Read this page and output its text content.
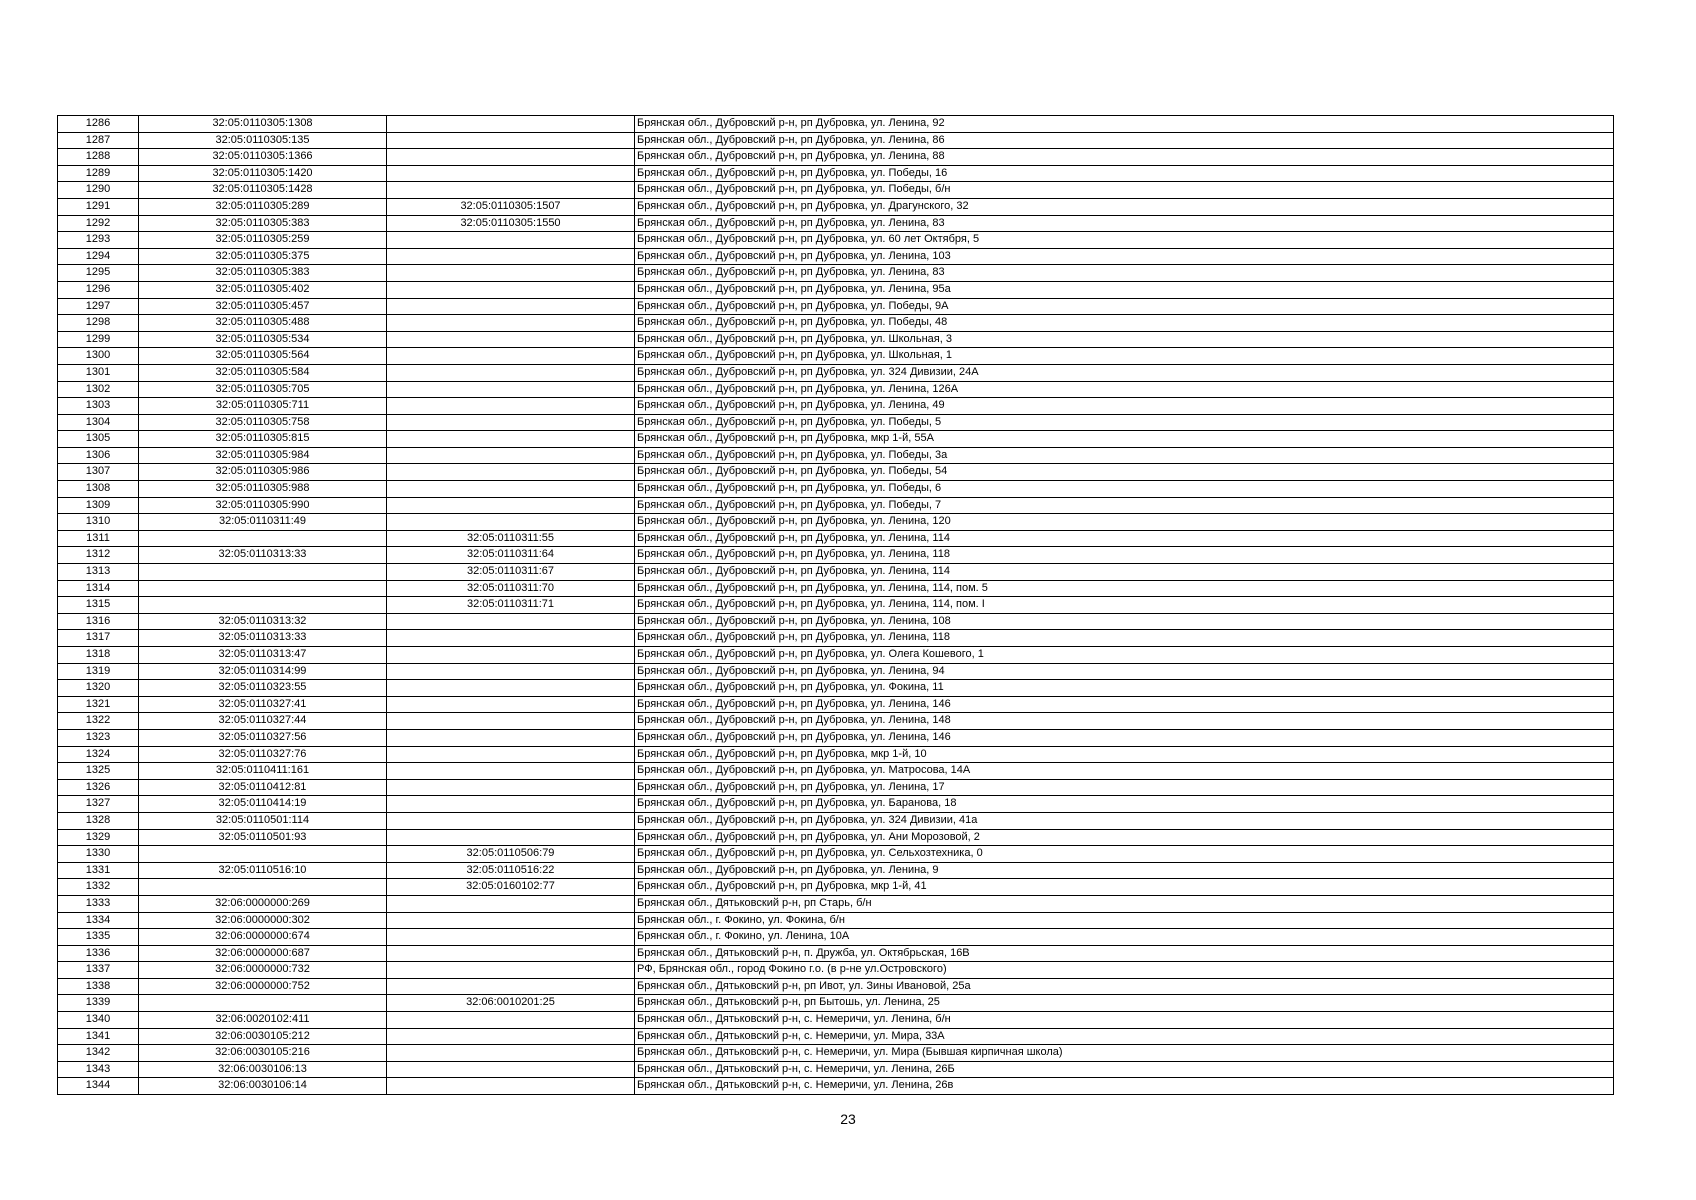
1286	32:05:0110305:1308		Брянская обл., Дубровский р-н, рп Дубровка, ул. Ленина, 92
1287	32:05:0110305:135		Брянская обл., Дубровский р-н, рп Дубровка, ул. Ленина, 86
1288	32:05:0110305:1366		Брянская обл., Дубровский р-н, рп Дубровка, ул. Ленина, 88
1289	32:05:0110305:1420		Брянская обл., Дубровский р-н, рп Дубровка, ул. Победы, 16
1290	32:05:0110305:1428		Брянская обл., Дубровский р-н, рп Дубровка, ул. Победы, б/н
1291	32:05:0110305:289	32:05:0110305:1507	Брянская обл., Дубровский р-н, рп Дубровка, ул. Драгунского, 32
1292	32:05:0110305:383	32:05:0110305:1550	Брянская обл., Дубровский р-н, рп Дубровка, ул. Ленина, 83
1293	32:05:0110305:259		Брянская обл., Дубровский р-н, рп Дубровка, ул. 60 лет Октября, 5
1294	32:05:0110305:375		Брянская обл., Дубровский р-н, рп Дубровка, ул. Ленина, 103
1295	32:05:0110305:383		Брянская обл., Дубровский р-н, рп Дубровка, ул. Ленина, 83
1296	32:05:0110305:402		Брянская обл., Дубровский р-н, рп Дубровка, ул. Ленина, 95а
1297	32:05:0110305:457		Брянская обл., Дубровский р-н, рп Дубровка, ул. Победы, 9А
1298	32:05:0110305:488		Брянская обл., Дубровский р-н, рп Дубровка, ул. Победы, 48
1299	32:05:0110305:534		Брянская обл., Дубровский р-н, рп Дубровка, ул. Школьная, 3
1300	32:05:0110305:564		Брянская обл., Дубровский р-н, рп Дубровка, ул. Школьная, 1
1301	32:05:0110305:584		Брянская обл., Дубровский р-н, рп Дубровка, ул. 324 Дивизии, 24А
1302	32:05:0110305:705		Брянская обл., Дубровский р-н, рп Дубровка, ул. Ленина, 126А
1303	32:05:0110305:711		Брянская обл., Дубровский р-н, рп Дубровка, ул. Ленина, 49
1304	32:05:0110305:758		Брянская обл., Дубровский р-н, рп Дубровка, ул. Победы, 5
1305	32:05:0110305:815		Брянская обл., Дубровский р-н, рп Дубровка, мкр 1-й, 55А
1306	32:05:0110305:984		Брянская обл., Дубровский р-н, рп Дубровка, ул. Победы, 3а
1307	32:05:0110305:986		Брянская обл., Дубровский р-н, рп Дубровка, ул. Победы, 54
1308	32:05:0110305:988		Брянская обл., Дубровский р-н, рп Дубровка, ул. Победы, 6
1309	32:05:0110305:990		Брянская обл., Дубровский р-н, рп Дубровка, ул. Победы, 7
1310	32:05:0110311:49		Брянская обл., Дубровский р-н, рп Дубровка, ул. Ленина, 120
1311		32:05:0110311:55	Брянская обл., Дубровский р-н, рп Дубровка, ул. Ленина, 114
1312	32:05:0110313:33	32:05:0110311:64	Брянская обл., Дубровский р-н, рп Дубровка, ул. Ленина, 118
1313		32:05:0110311:67	Брянская обл., Дубровский р-н, рп Дубровка, ул. Ленина, 114
1314		32:05:0110311:70	Брянская обл., Дубровский р-н, рп Дубровка, ул. Ленина, 114, пом. 5
1315		32:05:0110311:71	Брянская обл., Дубровский р-н, рп Дубровка, ул. Ленина, 114, пом. I
1316	32:05:0110313:32		Брянская обл., Дубровский р-н, рп Дубровка, ул. Ленина, 108
1317	32:05:0110313:33		Брянская обл., Дубровский р-н, рп Дубровка, ул. Ленина, 118
1318	32:05:0110313:47		Брянская обл., Дубровский р-н, рп Дубровка, ул. Олега Кошевого, 1
1319	32:05:0110314:99		Брянская обл., Дубровский р-н, рп Дубровка, ул. Ленина, 94
1320	32:05:0110323:55		Брянская обл., Дубровский р-н, рп Дубровка, ул. Фокина, 11
1321	32:05:0110327:41		Брянская обл., Дубровский р-н, рп Дубровка, ул. Ленина, 146
1322	32:05:0110327:44		Брянская обл., Дубровский р-н, рп Дубровка, ул. Ленина, 148
1323	32:05:0110327:56		Брянская обл., Дубровский р-н, рп Дубровка, ул. Ленина, 146
1324	32:05:0110327:76		Брянская обл., Дубровский р-н, рп Дубровка, мкр 1-й, 10
1325	32:05:0110411:161		Брянская обл., Дубровский р-н, рп Дубровка, ул. Матросова, 14А
1326	32:05:0110412:81		Брянская обл., Дубровский р-н, рп Дубровка, ул. Ленина, 17
1327	32:05:0110414:19		Брянская обл., Дубровский р-н, рп Дубровка, ул. Баранова, 18
1328	32:05:0110501:114		Брянская обл., Дубровский р-н, рп Дубровка, ул. 324 Дивизии, 41а
1329	32:05:0110501:93		Брянская обл., Дубровский р-н, рп Дубровка, ул. Ани Морозовой, 2
1330		32:05:0110506:79	Брянская обл., Дубровский р-н, рп Дубровка, ул. Сельхозтехника, 0
1331	32:05:0110516:10	32:05:0110516:22	Брянская обл., Дубровский р-н, рп Дубровка, ул. Ленина, 9
1332		32:05:0160102:77	Брянская обл., Дубровский р-н, рп Дубровка, мкр 1-й, 41
1333	32:06:0000000:269		Брянская обл., Дятьковский р-н, рп Старь, б/н
1334	32:06:0000000:302		Брянская обл., г. Фокино, ул. Фокина, б/н
1335	32:06:0000000:674		Брянская обл., г. Фокино, ул. Ленина, 10А
1336	32:06:0000000:687		Брянская обл., Дятьковский р-н, п. Дружба, ул. Октябрьская, 16В
1337	32:06:0000000:732		РФ, Брянская обл., город Фокино г.о. (в р-не ул.Островского)
1338	32:06:0000000:752		Брянская обл., Дятьковский р-н, рп Ивот, ул. Зины Ивановой, 25а
1339		32:06:0010201:25	Брянская обл., Дятьковский р-н, рп Бытошь, ул. Ленина, 25
1340	32:06:0020102:411		Брянская обл., Дятьковский р-н, с. Немеричи, ул. Ленина, б/н
1341	32:06:0030105:212		Брянская обл., Дятьковский р-н, с. Немеричи, ул. Мира, 33А
1342	32:06:0030105:216		Брянская обл., Дятьковский р-н, с. Немеричи, ул. Мира (Бывшая кирпичная школа)
1343	32:06:0030106:13		Брянская обл., Дятьковский р-н, с. Немеричи, ул. Ленина, 26Б
1344	32:06:0030106:14		Брянская обл., Дятьковский р-н, с. Немеричи, ул. Ленина, 26в
23
